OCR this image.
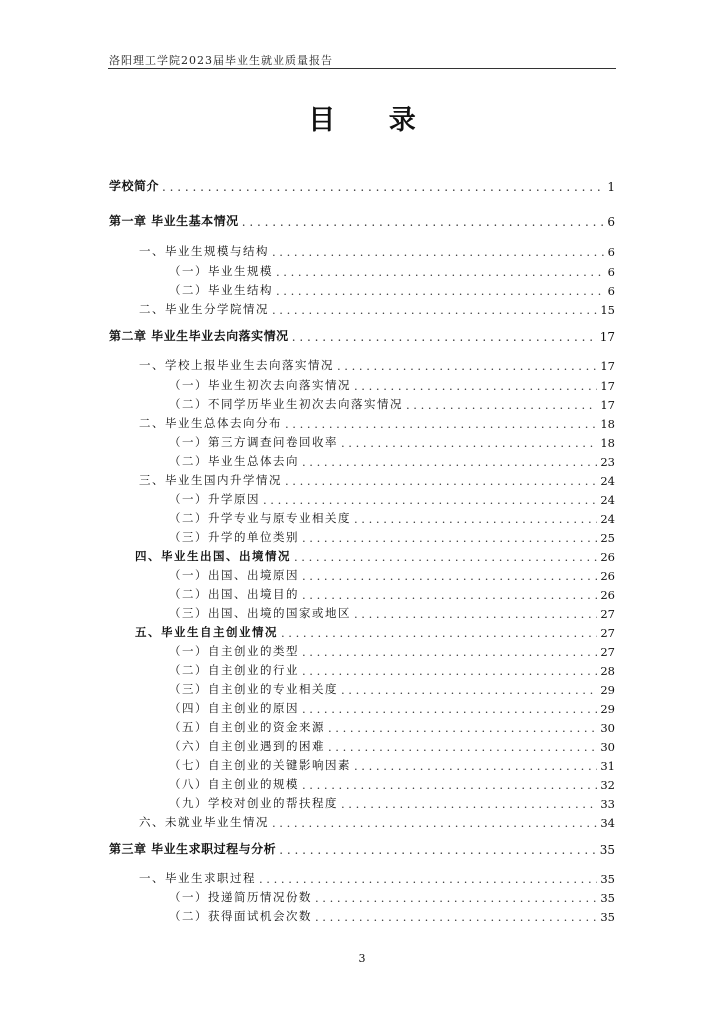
洛阳理工学院2023届毕业生就业质量报告
目 录
学校简介 . . .	1
第一章 毕业生基本情况 . . .	6
一、毕业生规模与结构 . . .	6
（一）毕业生规模 . . .	6
（二）毕业生结构 . . .	6
二、毕业生分学院情况 . . .	15
第二章 毕业生毕业去向落实情况 . . .	17
一、学校上报毕业生去向落实情况 . . .	17
（一）毕业生初次去向落实情况 . . .	17
（二）不同学历毕业生初次去向落实情况 . . .	17
二、毕业生总体去向分布 . . .	18
（一）第三方调查问卷回收率 . . .	18
（二）毕业生总体去向 . . .	23
三、毕业生国内升学情况 . . .	24
（一）升学原因 . . .	24
（二）升学专业与原专业相关度 . . .	24
（三）升学的单位类别 . . .	25
四、毕业生出国、出境情况 . . .	26
（一）出国、出境原因 . . .	26
（二）出国、出境目的 . . .	26
（三）出国、出境的国家或地区 . . .	27
五、毕业生自主创业情况 . . .	27
（一）自主创业的类型 . . .	27
（二）自主创业的行业 . . .	28
（三）自主创业的专业相关度 . . .	29
（四）自主创业的原因 . . .	29
（五）自主创业的资金来源 . . .	30
（六）自主创业遇到的困难 . . .	30
（七）自主创业的关键影响因素 . . .	31
（八）自主创业的规模 . . .	32
（九）学校对创业的帮扶程度 . . .	33
六、未就业毕业生情况 . . .	34
第三章 毕业生求职过程与分析 . . .	35
一、毕业生求职过程 . . .	35
（一）投递简历情况份数 . . .	35
（二）获得面试机会次数 . . .	35
3
